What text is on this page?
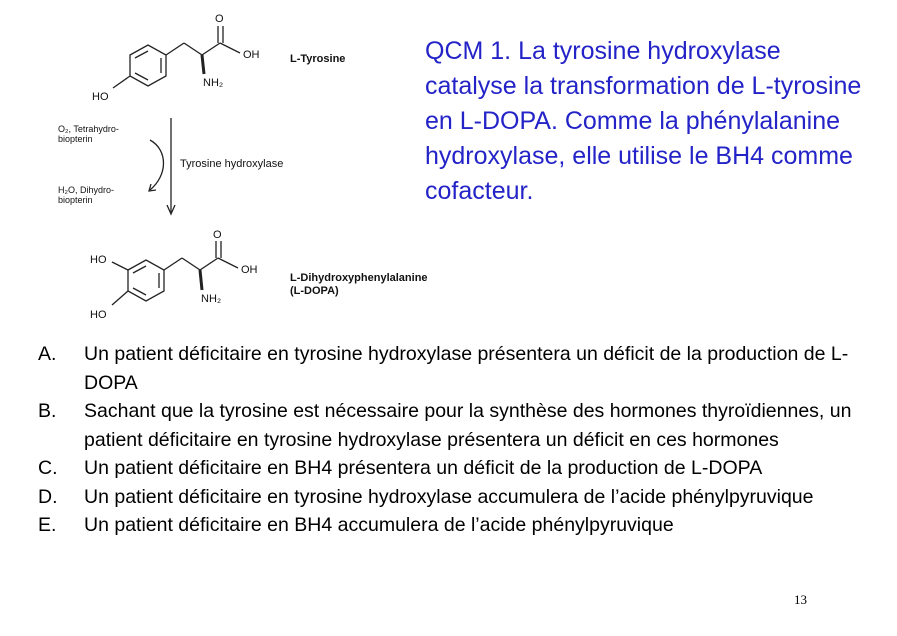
O
OH
NH₂
HO
L-Tyrosine
O₂, Tetrahydro-
biopterin
Tyrosine hydroxylase
H₂O, Dihydro-
biopterin
O
OH
NH₂
HO
HO
L-Dihydroxyphenylalanine
(L-DOPA)
QCM 1. La tyrosine hydroxylase catalyse la transformation de L-tyrosine en L-DOPA. Comme la phénylalanine hydroxylase, elle utilise le BH4 comme cofacteur.
A.	Un patient déficitaire en tyrosine hydroxylase présentera un déficit de la production de L-DOPA
B.	Sachant que la tyrosine est nécessaire pour la synthèse des hormones thyroïdiennes, un patient déficitaire en tyrosine hydroxylase présentera un déficit en ces hormones
C.	Un patient déficitaire en BH4 présentera un déficit de la production de L-DOPA
D.	Un patient déficitaire en tyrosine hydroxylase accumulera de l’acide phénylpyruvique
E.	Un patient déficitaire en BH4 accumulera de l’acide phénylpyruvique
13
